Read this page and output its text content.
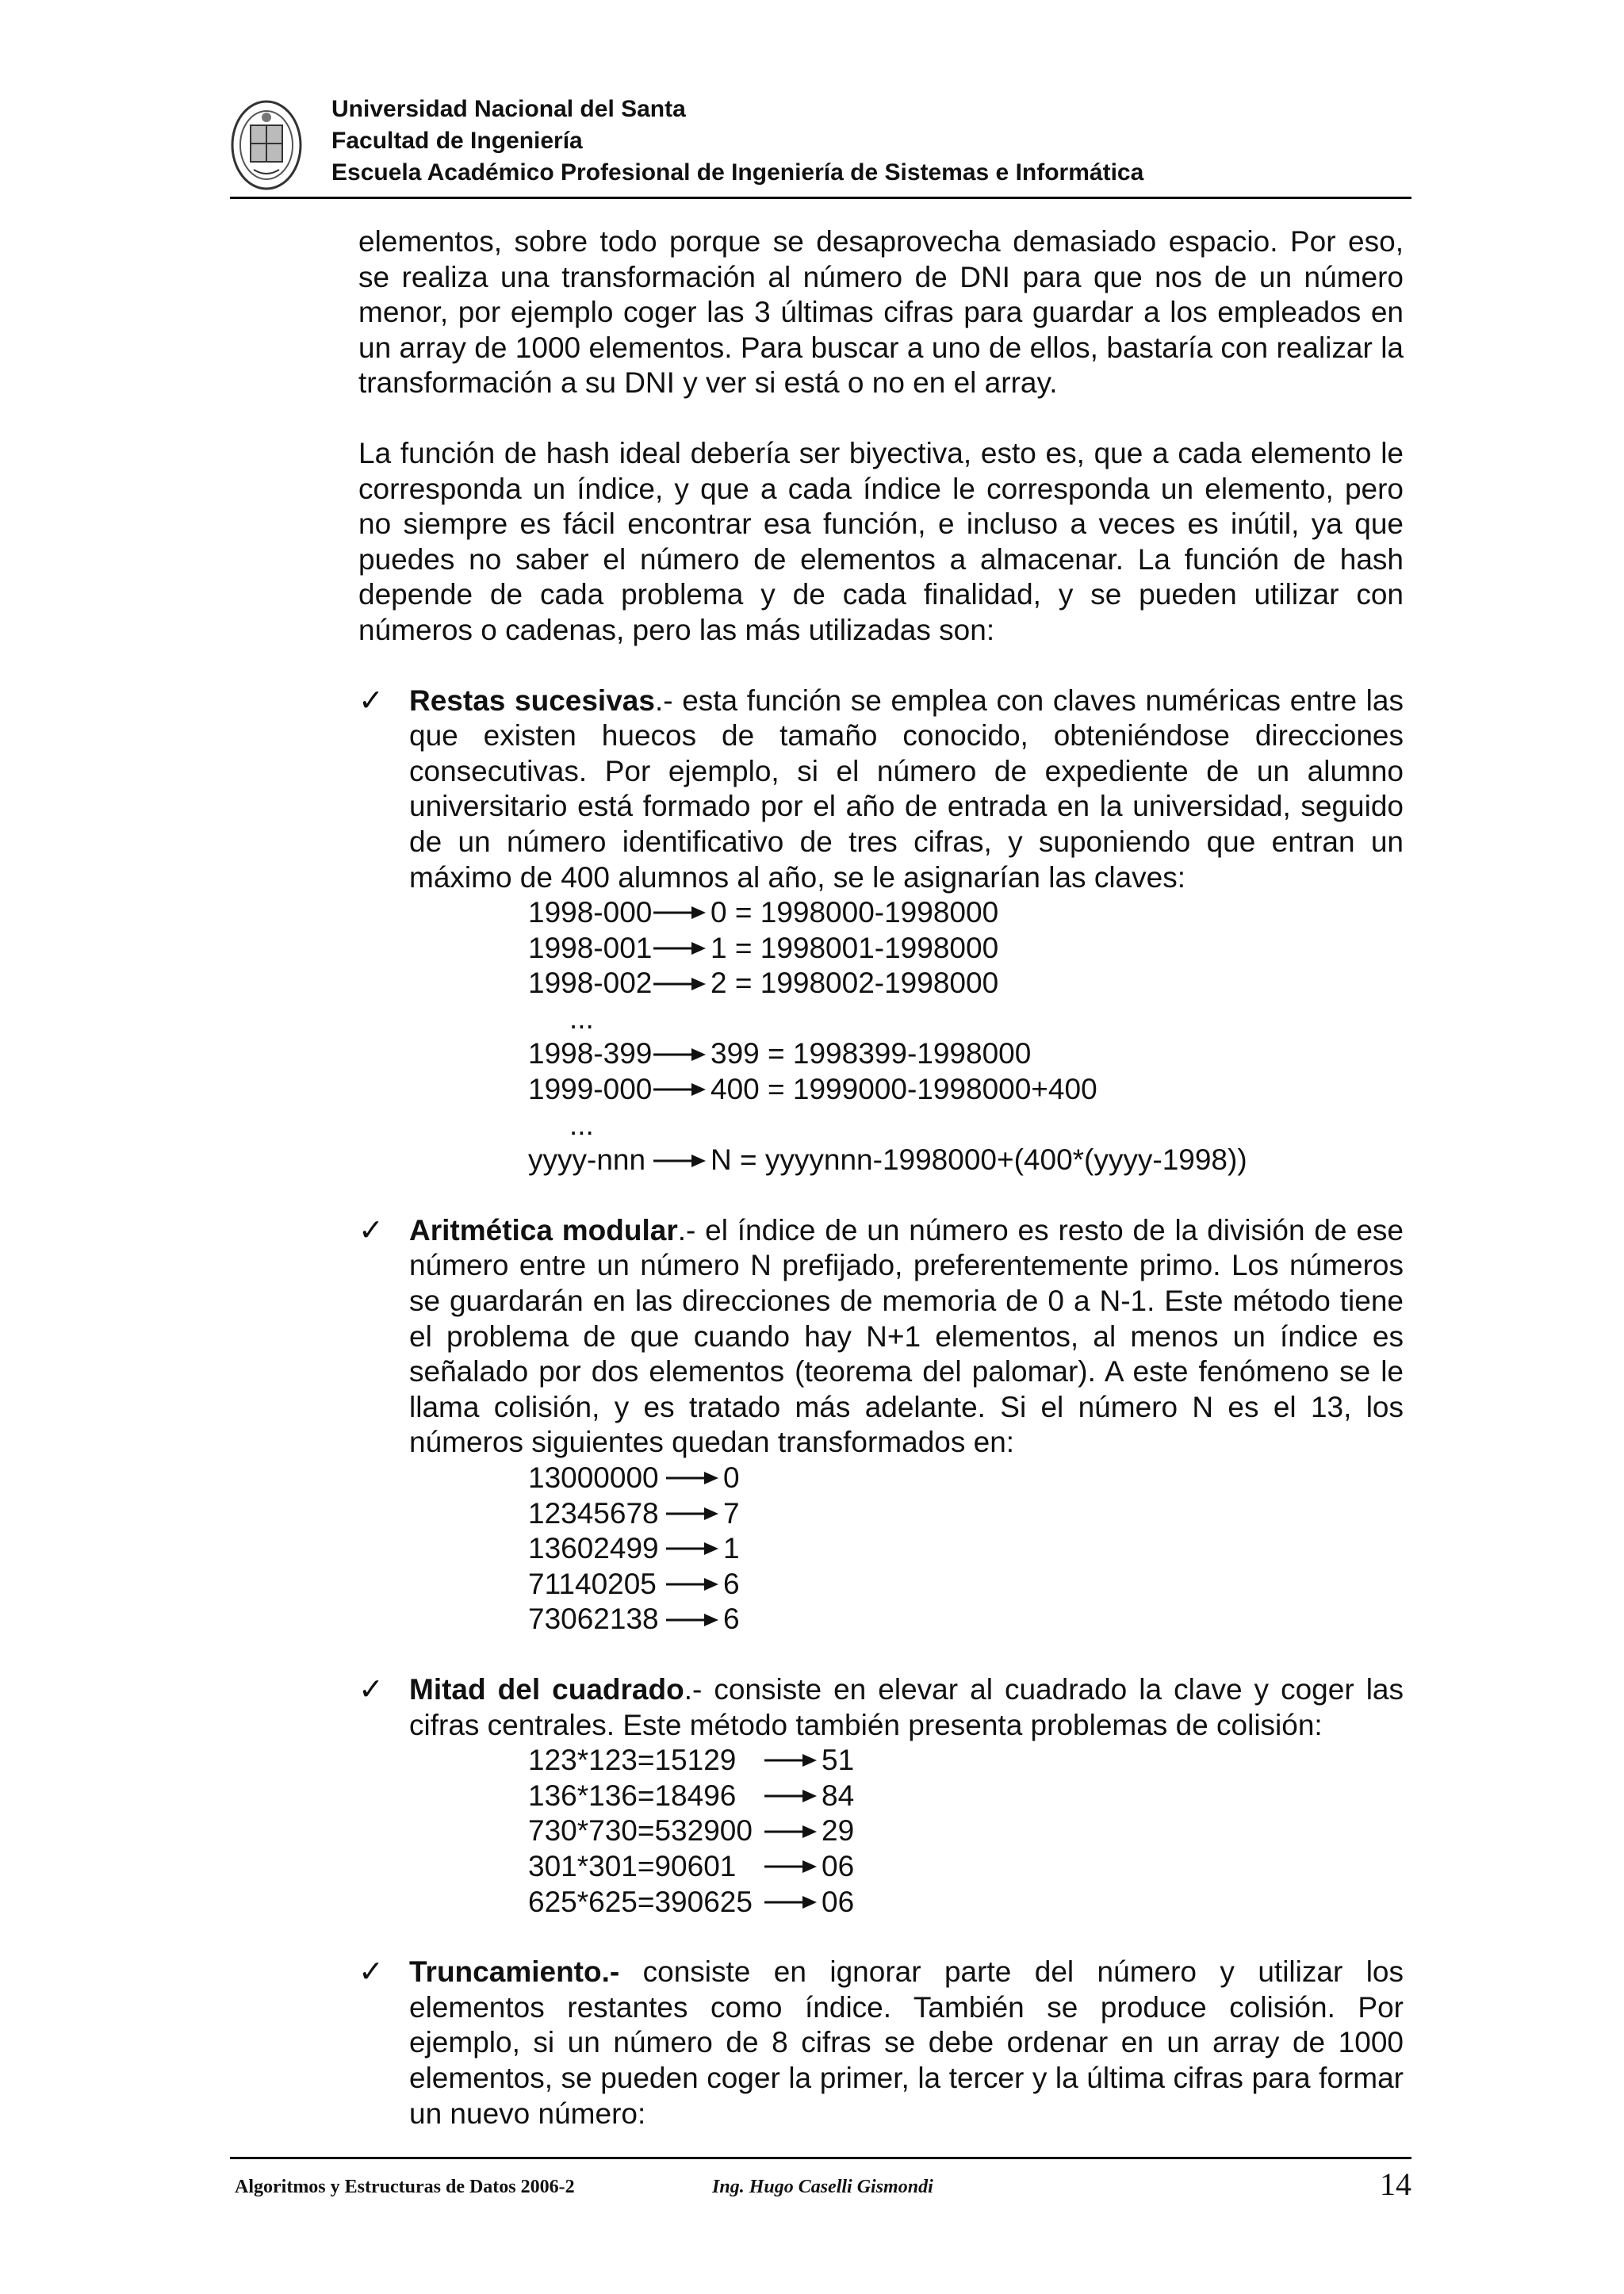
Universidad Nacional del Santa
Facultad de Ingeniería
Escuela Académico Profesional de Ingeniería de Sistemas e Informática

elementos, sobre todo porque se desaprovecha demasiado espacio. Por eso, se realiza una transformación al número de DNI para que nos de un número menor, por ejemplo coger las 3 últimas cifras para guardar a los empleados en un array de 1000 elementos. Para buscar a uno de ellos, bastaría con realizar la transformación a su DNI y ver si está o no en el array.

La función de hash ideal debería ser biyectiva, esto es, que a cada elemento le corresponda un índice, y que a cada índice le corresponda un elemento, pero no siempre es fácil encontrar esa función, e incluso a veces es inútil, ya que puedes no saber el número de elementos a almacenar. La función de hash depende de cada problema y de cada finalidad, y se pueden utilizar con números o cadenas, pero las más utilizadas son:

✓ Restas sucesivas.- esta función se emplea con claves numéricas entre las que existen huecos de tamaño conocido, obteniéndose direcciones consecutivas. Por ejemplo, si el número de expediente de un alumno universitario está formado por el año de entrada en la universidad, seguido de un número identificativo de tres cifras, y suponiendo que entran un máximo de 400 alumnos al año, se le asignarían las claves:

1998-000 0 = 1998000-1998000
1998-001 1 = 1998001-1998000
1998-002 2 = 1998002-1998000
...
1998-399 399 = 1998399-1998000
1999-000 400 = 1999000-1998000+400
...
yyyy-nnn N = yyyynnn-1998000+(400*(yyyy-1998))
✓ Aritmética modular.- el índice de un número es resto de la división de ese número entre un número N prefijado, preferentemente primo. Los números se guardarán en las direcciones de memoria de 0 a N-1. Este método tiene el problema de que cuando hay N+1 elementos, al menos un índice es señalado por dos elementos (teorema del palomar). A este fenómeno se le llama colisión, y es tratado más adelante. Si el número N es el 13, los números siguientes quedan transformados en:

13000000 0
12345678 7
13602499 1
71140205 6
73062138 6
✓ Mitad del cuadrado.- consiste en elevar al cuadrado la clave y coger las cifras centrales. Este método también presenta problemas de colisión:

123*123=15129	51
136*136=18496	84
730*730=532900 29
301*301=90601	06
625*625=390625 06
✓ Truncamiento.- consiste en ignorar parte del número y utilizar los elementos restantes como índice. También se produce colisión. Por ejemplo, si un número de 8 cifras se debe ordenar en un array de 1000 elementos, se pueden coger la primer, la tercer y la última cifras para formar un nuevo número:

Algoritmos y Estructuras de Datos 2006-2	Ing. Hugo Caselli Gismondi	14
